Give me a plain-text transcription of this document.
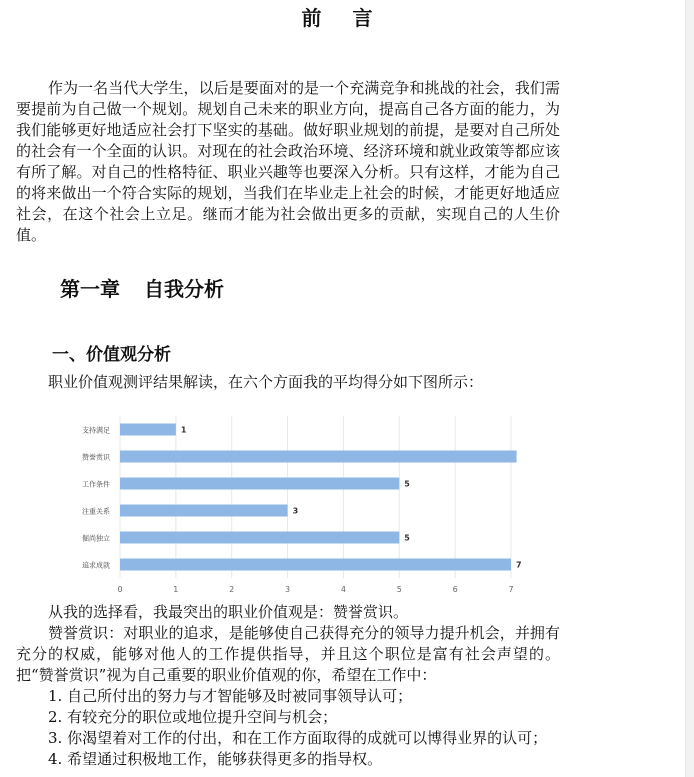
前 言

作为一名当代大学生，以后是要面对的是一个充满竞争和挑战的社会，我们需要提前为自己做一个规划。规划自己未来的职业方向，提高自己各方面的能力，为我们能够更好地适应社会打下坚实的基础。做好职业规划的前提，是要对自己所处的社会有一个全面的认识。对现在的社会政治环境、经济环境和就业政策等都应该有所了解。对自己的性格特征、职业兴趣等也要深入分析。只有这样，才能为自己的将来做出一个符合实际的规划，当我们在毕业走上社会的时候，才能更好地适应社会，在这个社会上立足。继而才能为社会做出更多的贡献，实现自己的人生价值。

第一章 自我分析
一、价值观分析

职业价值观测评结果解读，在六个方面我的平均得分如下图所示：

0	1	2	3	4	5	6	7
支持满足	1
赞誉赏识
工作条件	5
注重关系	3
倔尚独立	5
追求成就	7

从我的选择看，我最突出的职业价值观是：赞誉赏识。

赞誉赏识：对职业的追求，是能够使自己获得充分的领导力提升机会，并拥有充分的权威，能够对他人的工作提供指导，并且这个职位是富有社会声望的。把“赞誉赏识”视为自己重要的职业价值观的你，希望在工作中：

1. 自己所付出的努力与才智能够及时被同事领导认可；
2. 有较充分的职位或地位提升空间与机会；
3. 你渴望着对工作的付出，和在工作方面取得的成就可以博得业界的认可；
4. 希望通过积极地工作，能够获得更多的指导权。
